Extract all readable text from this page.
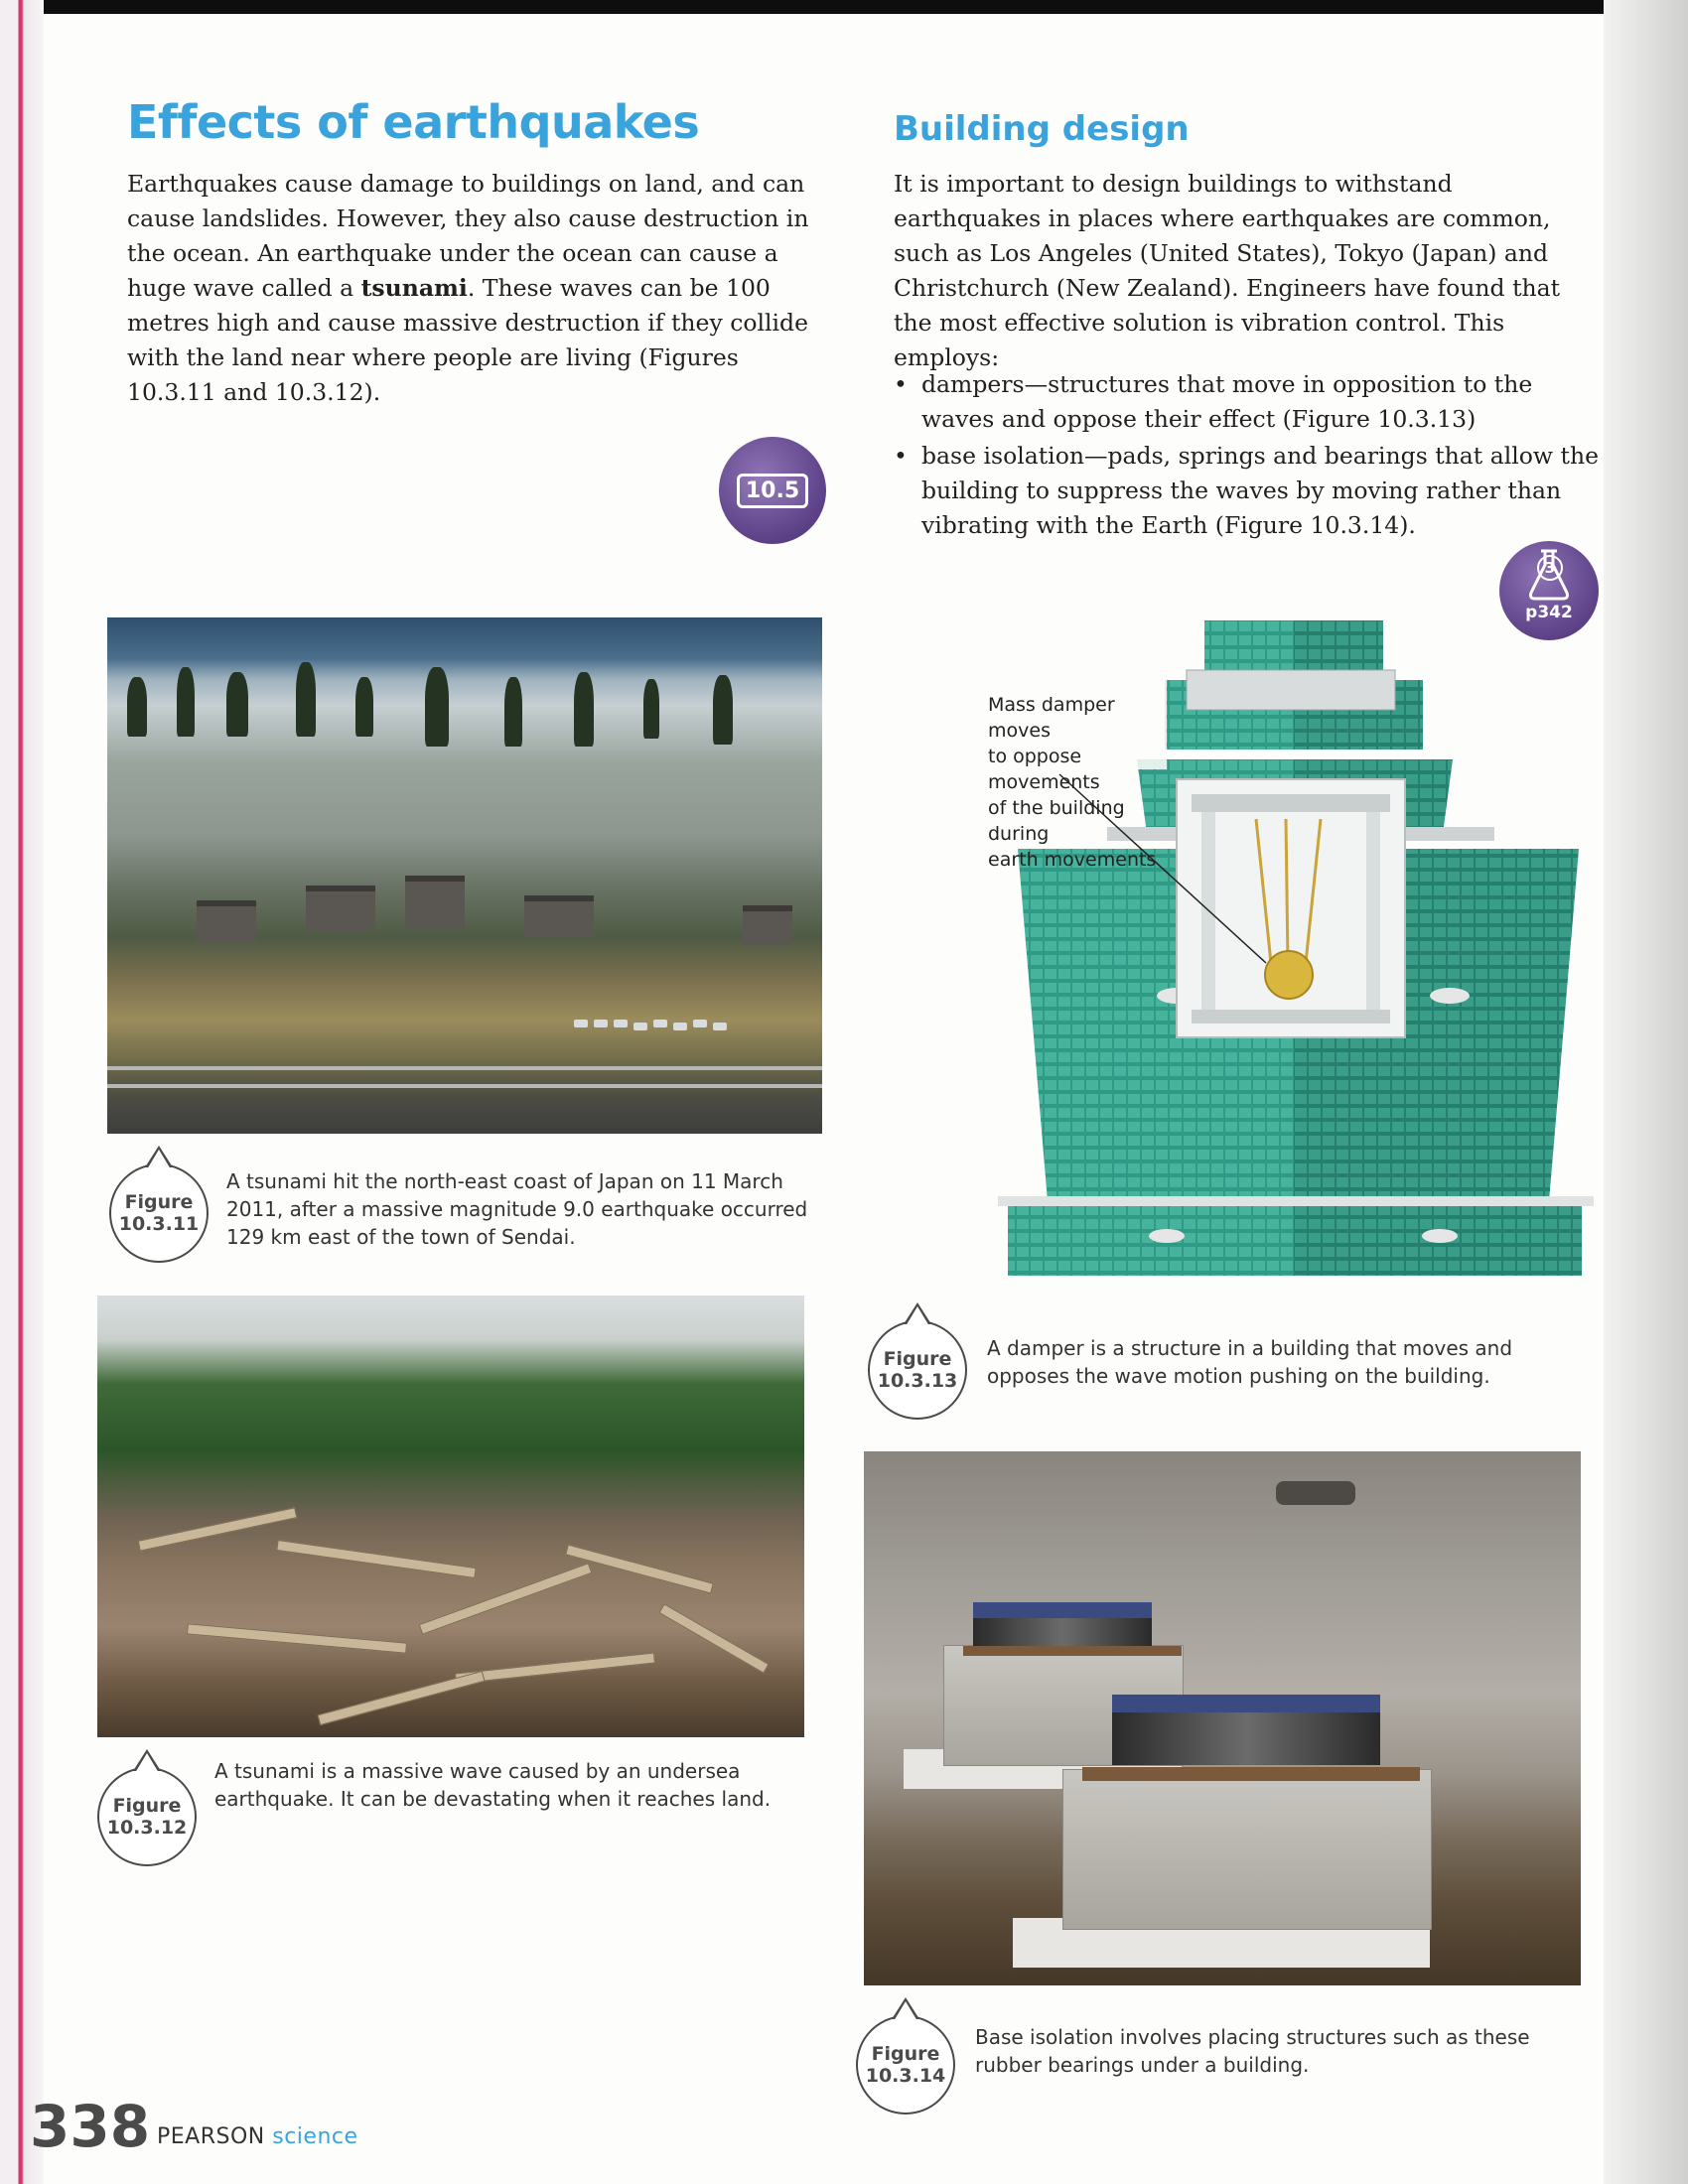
Effects of earthquakes

Earthquakes cause damage to buildings on land, and can cause landslides. However, they also cause destruction in the ocean. An earthquake under the ocean can cause a huge wave called a tsunami. These waves can be 100 metres high and cause massive destruction if they collide with the land near where people are living (Figures 10.3.11 and 10.3.12).

10.5
Building design

It is important to design buildings to withstand earthquakes in places where earthquakes are common, such as Los Angeles (United States), Tokyo (Japan) and Christchurch (New Zealand). Engineers have found that the most effective solution is vibration control. This employs:

• dampers—structures that move in opposition to the waves and oppose their effect (Figure 10.3.13)
• base isolation—pads, springs and bearings that allow the building to suppress the waves by moving rather than vibrating with the Earth (Figure 10.3.14).
3
p342
Figure
10.3.11

A tsunami hit the north-east coast of Japan on 11 March 2011, after a massive magnitude 9.0 earthquake occurred 129 km east of the town of Sendai.

Figure
10.3.12

A tsunami is a massive wave caused by an undersea earthquake. It can be devastating when it reaches land.

Mass damper moves
to oppose movements
of the building during
earth movements
Figure
10.3.13

A damper is a structure in a building that moves and opposes the wave motion pushing on the building.

Figure
10.3.14

Base isolation involves placing structures such as these rubber bearings under a building.

338 PEARSON science
